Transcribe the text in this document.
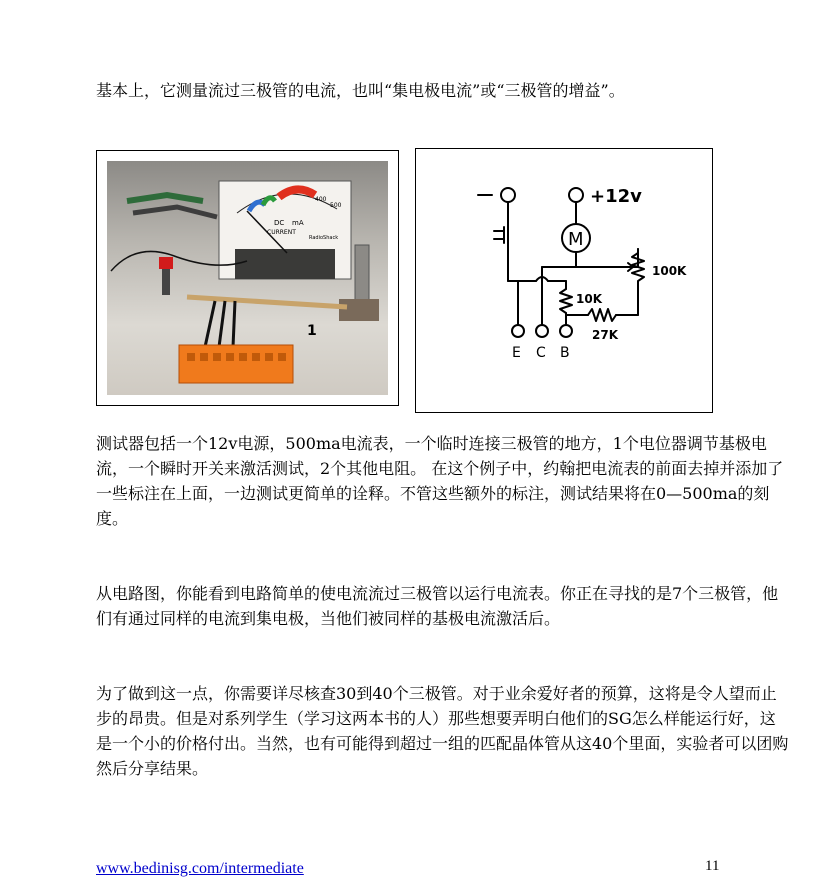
基本上，它测量流过三极管的电流，也叫“集电极电流”或“三极管的增益”。

DC mA
CURRENT
RadioShack
400
500
1
+12v
M
100K
10K
27K
E C B

测试器包括一个12v电源，500ma电流表，一个临时连接三极管的地方，1个电位器调节基极电流，一个瞬时开关来激活测试，2个其他电阻。 在这个例子中，约翰把电流表的前面去掉并添加了一些标注在上面，一边测试更简单的诠释。不管这些额外的标注，测试结果将在0—500ma的刻度。

从电路图，你能看到电路简单的使电流流过三极管以运行电流表。你正在寻找的是7个三极管，他们有通过同样的电流到集电极，当他们被同样的基极电流激活后。

为了做到这一点，你需要详尽核查30到40个三极管。对于业余爱好者的预算，这将是令人望而止步的昂贵。但是对系列学生（学习这两本书的人）那些想要弄明白他们的SG怎么样能运行好，这是一个小的价格付出。当然，也有可能得到超过一组的匹配晶体管从这40个里面，实验者可以团购然后分享结果。

www.bedinisg.com/intermediate	11
